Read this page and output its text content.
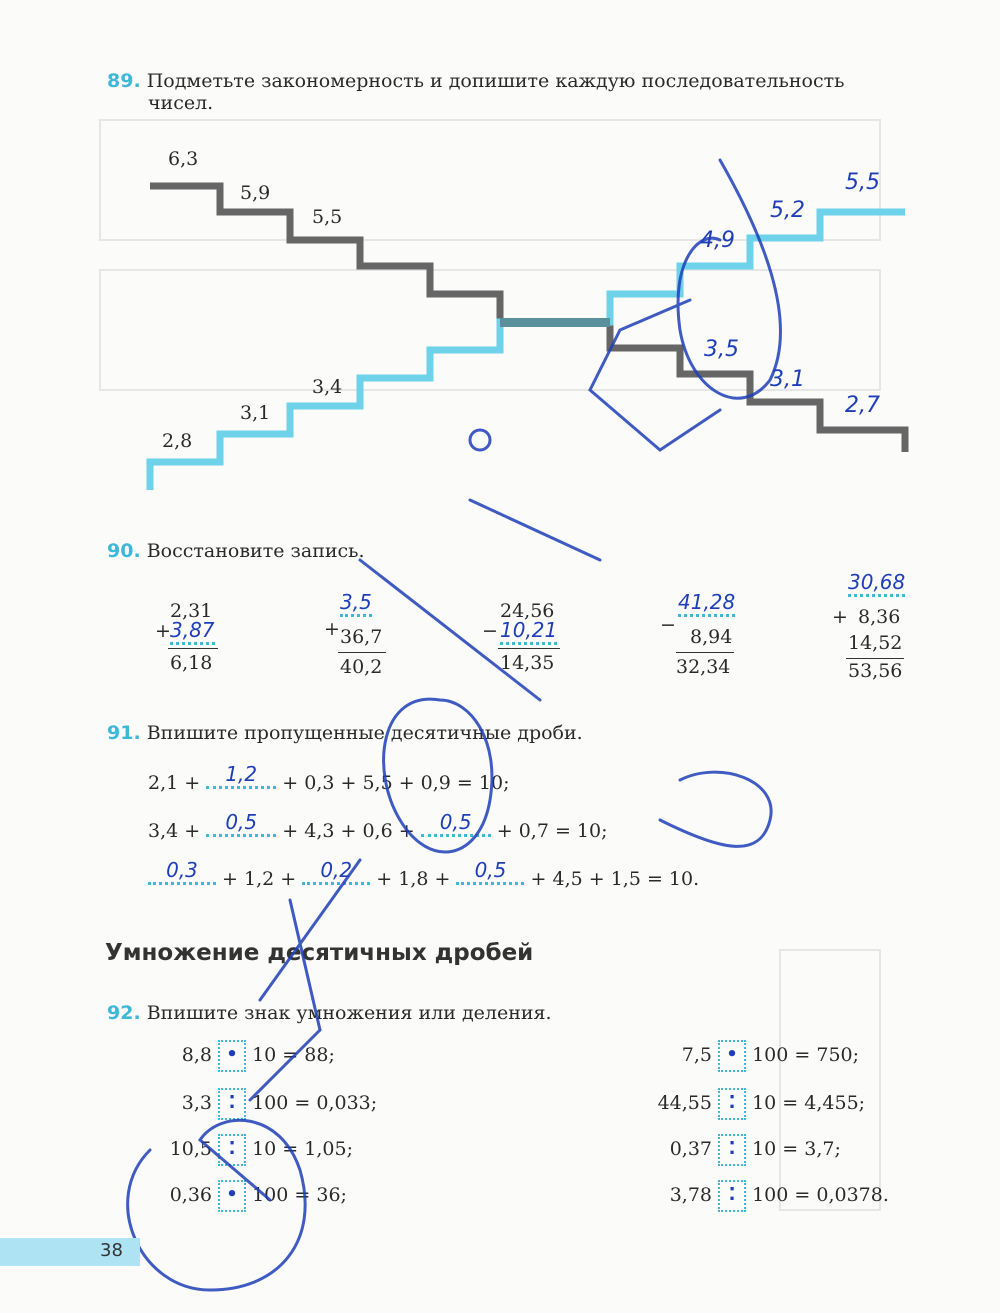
89. Подметьте закономерность и допишите каждую последовательность
чисел.
6,3
5,9
5,5
2,8
3,1
3,4
3,5
3,1
2,7
4,9
5,2
5,5
90. Восстановите запись.
2,31
+ 3,87
6,18
3,5
+ 36,7
40,2
24,56
− 10,21
14,35
41,28
−
8,94
32,34
30,68
+ 8,36
14,52
53,56
91. Впишите пропущенные десятичные дроби.
2,1 + 1,2 + 0,3 + 5,5 + 0,9 = 10;
3,4 + 0,5 + 4,3 + 0,6 + 0,5 + 0,7 = 10;
0,3 + 1,2 + 0,2 + 1,8 + 0,5 + 4,5 + 1,5 = 10.
Умножение десятичных дробей
92. Впишите знак умножения или деления.
8,8 • 10 = 88;
3,3 ⁚ 100 = 0,033;
10,5 ⁚ 10 = 1,05;
0,36 • 100 = 36;
7,5 • 100 = 750;
44,55 ⁚ 10 = 4,455;
0,37 ⁚ 10 = 3,7;
3,78 ⁚ 100 = 0,0378.
38
